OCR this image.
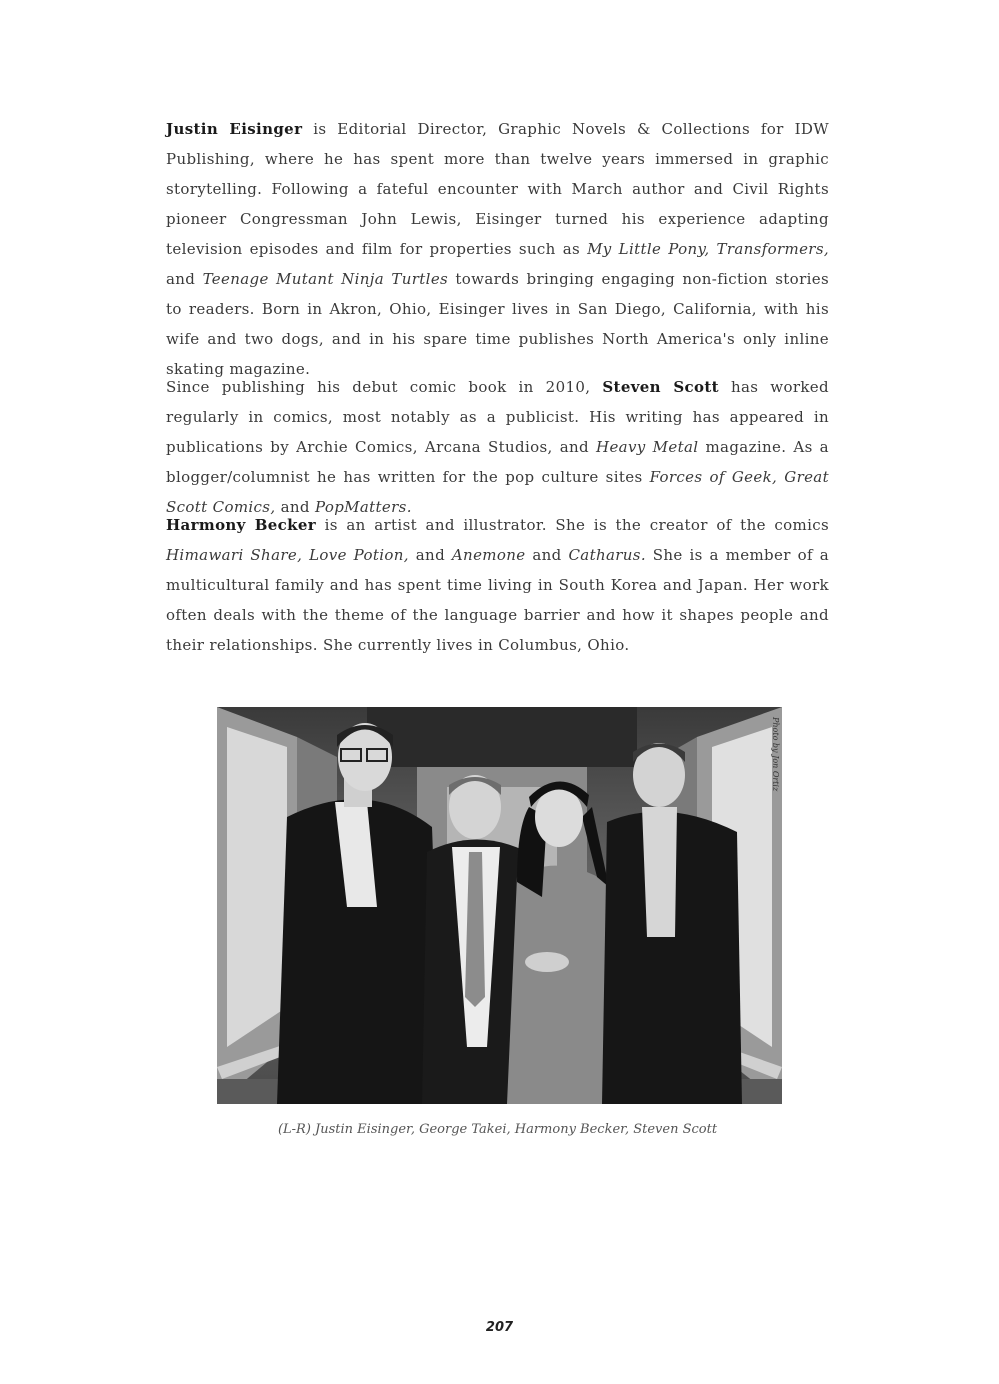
Justin Eisinger is Editorial Director, Graphic Novels & Collections for IDW Publishing, where he has spent more than twelve years immersed in graphic storytelling. Following a fateful encounter with March author and Civil Rights pioneer Congressman John Lewis, Eisinger turned his experience adapting television episodes and film for properties such as My Little Pony, Transformers, and Teenage Mutant Ninja Turtles towards bringing engaging non-fiction stories to readers. Born in Akron, Ohio, Eisinger lives in San Diego, California, with his wife and two dogs, and in his spare time publishes North America's only inline skating magazine.

Since publishing his debut comic book in 2010, Steven Scott has worked regularly in comics, most notably as a publicist. His writing has appeared in publications by Archie Comics, Arcana Studios, and Heavy Metal magazine. As a blogger/columnist he has written for the pop culture sites Forces of Geek, Great Scott Comics, and PopMatters.

Harmony Becker is an artist and illustrator. She is the creator of the comics Himawari Share, Love Potion, and Anemone and Catharus. She is a member of a multicultural family and has spent time living in South Korea and Japan. Her work often deals with the theme of the language barrier and how it shapes people and their relationships. She currently lives in Columbus, Ohio.

Photo by Jon Ortiz
(L-R) Justin Eisinger, George Takei, Harmony Becker, Steven Scott
207
